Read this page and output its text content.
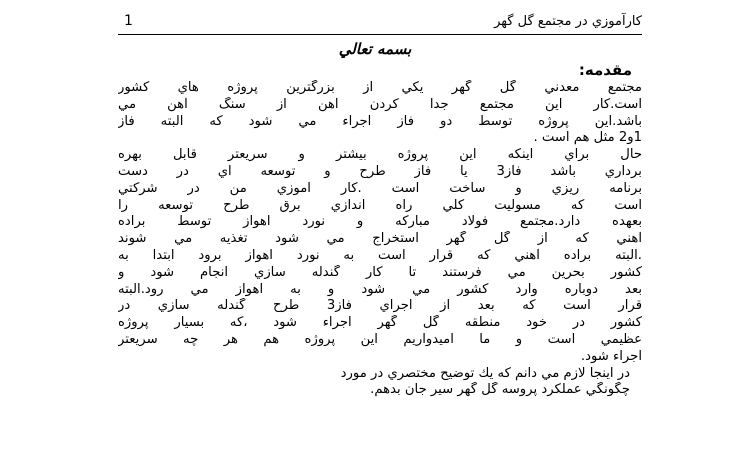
کارآموزي در مجتمع گل گهر
1
بسمه تعالي
مقدمه:
مجتمع معدني گل گهر يكي از بزرگترين پروژه هاي كشور
است.كار اين مجتمع جدا كردن آهن از سنگ آهن مي
باشد.اين پروژه توسط دو فاز اجراء مي شود كه البته فاز
1و2 مثل هم است .
حال براي اينكه اين پروژه بيشتر و سريعتر قابل بهره
برداري باشد فاز3 يا فاز طرح و توسعه اي در دست
برنامه ريزي و ساخت است .كار آموزي من در شركتي
است كه مسوليت كلي راه اندازي برق طرح توسعه را
بعهده دارد.مجتمع فولاد مباركه و نورد اهواز توسط براده
آهني كه از گل گهر استخراج مي شود تغذيه مي شوند
.البته براده آهني كه قرار است به نورد اهواز برود ابتدا به
كشور بحرين مي فرستند تا كار گندله سازي انجام شود و
بعد دوباره وارد كشور مي شود و به اهواز مي رود.البته
قرار است كه بعد از اجراي فاز3 طرح گندله سازي در
كشور در خود منطقه گل گهر اجراء شود ،كه بسيار پروژه
عظيمي است و ما اميدواريم اين پروژه هم هر چه سريعتر
اجراء شود.
در اينجا لازم مي دانم كه يك توضيح مختصري در مورد
چگونگي عملكرد پروسه گل گهر سير جان بدهم.
